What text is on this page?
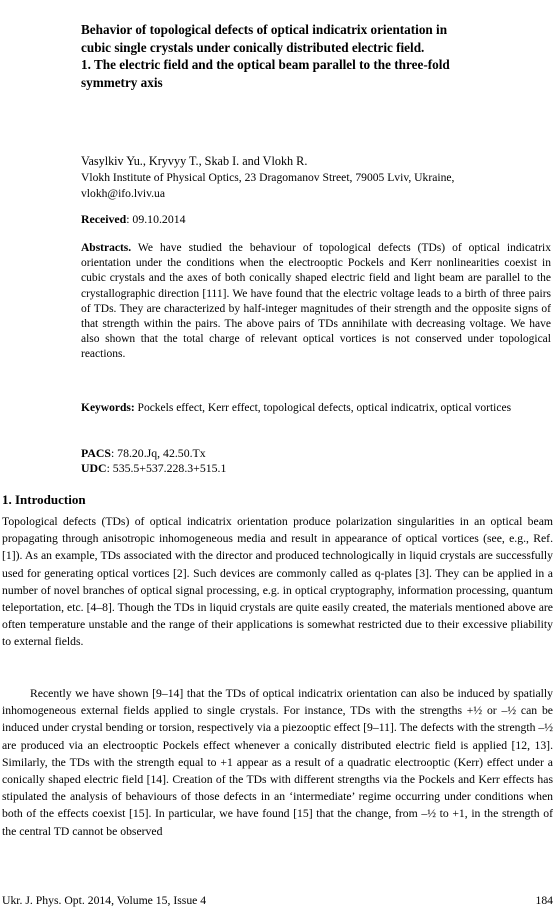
Behavior of topological defects of optical indicatrix orientation in
cubic single crystals under conically distributed electric field.
1. The electric field and the optical beam parallel to the three-fold
symmetry axis
Vasylkiv Yu., Kryvyy T., Skab I. and Vlokh R.
Vlokh Institute of Physical Optics, 23 Dragomanov Street, 79005 Lviv, Ukraine,
vlokh@ifo.lviv.ua
Received: 09.10.2014
Abstracts. We have studied the behaviour of topological defects (TDs) of optical indicatrix orientation under the conditions when the electrooptic Pockels and Kerr nonlinearities coexist in cubic crystals and the axes of both conically shaped electric field and light beam are parallel to the crystallographic direction [111]. We have found that the electric voltage leads to a birth of three pairs of TDs. They are characterized by half-integer magnitudes of their strength and the opposite signs of that strength within the pairs. The above pairs of TDs annihilate with decreasing voltage. We have also shown that the total charge of relevant optical vortices is not conserved under topological reactions.
Keywords: Pockels effect, Kerr effect, topological defects, optical indicatrix, optical vortices
PACS: 78.20.Jq, 42.50.Tx
UDC: 535.5+537.228.3+515.1
1. Introduction
Topological defects (TDs) of optical indicatrix orientation produce polarization singularities in an optical beam propagating through anisotropic inhomogeneous media and result in appearance of optical vortices (see, e.g., Ref. [1]). As an example, TDs associated with the director and produced technologically in liquid crystals are successfully used for generating optical vortices [2]. Such devices are commonly called as q-plates [3]. They can be applied in a number of novel branches of optical signal processing, e.g. in optical cryptography, information processing, quantum teleportation, etc. [4–8]. Though the TDs in liquid crystals are quite easily created, the materials mentioned above are often temperature unstable and the range of their applications is somewhat restricted due to their excessive pliability to external fields.
Recently we have shown [9–14] that the TDs of optical indicatrix orientation can also be induced by spatially inhomogeneous external fields applied to single crystals. For instance, TDs with the strengths +½ or –½ can be induced under crystal bending or torsion, respectively via a piezooptic effect [9–11]. The defects with the strength –½ are produced via an electrooptic Pockels effect whenever a conically distributed electric field is applied [12, 13]. Similarly, the TDs with the strength equal to +1 appear as a result of a quadratic electrooptic (Kerr) effect under a conically shaped electric field [14]. Creation of the TDs with different strengths via the Pockels and Kerr effects has stipulated the analysis of behaviours of those defects in an ‘intermediate’ regime occurring under conditions when both of the effects coexist [15]. In particular, we have found [15] that the change, from –½ to +1, in the strength of the central TD cannot be observed
Ukr. J. Phys. Opt. 2014, Volume 15, Issue 4	184
